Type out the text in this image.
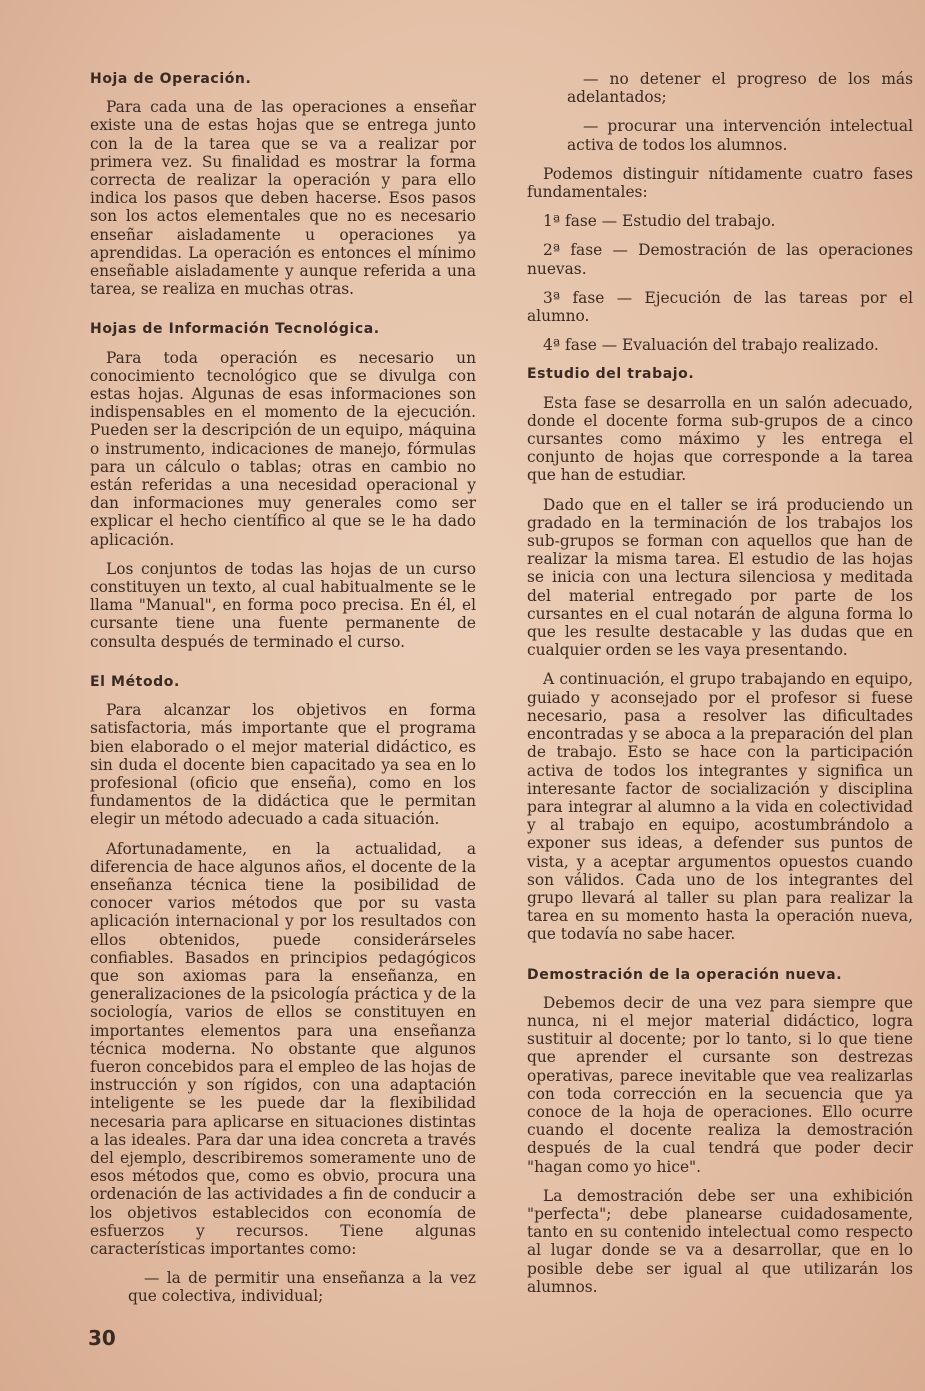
Hoja de Operación.

Para cada una de las operaciones a enseñar existe una de estas hojas que se entrega junto con la de la tarea que se va a realizar por primera vez. Su finalidad es mostrar la forma correcta de realizar la operación y para ello indica los pasos que deben hacerse. Esos pasos son los actos elementales que no es necesario enseñar aisladamente u operaciones ya aprendidas. La operación es entonces el mínimo enseñable aisladamente y aunque referida a una tarea, se realiza en muchas otras.

Hojas de Información Tecnológica.

Para toda operación es necesario un conocimiento tecnológico que se divulga con estas hojas. Algunas de esas informaciones son indispensables en el momento de la ejecución. Pueden ser la descripción de un equipo, máquina o instrumento, indicaciones de manejo, fórmulas para un cálculo o tablas; otras en cambio no están referidas a una necesidad operacional y dan informaciones muy generales como ser explicar el hecho científico al que se le ha dado aplicación.

Los conjuntos de todas las hojas de un curso constituyen un texto, al cual habitualmente se le llama "Manual", en forma poco precisa. En él, el cursante tiene una fuente permanente de consulta después de terminado el curso.

El Método.

Para alcanzar los objetivos en forma satisfactoria, más importante que el programa bien elaborado o el mejor material didáctico, es sin duda el docente bien capacitado ya sea en lo profesional (oficio que enseña), como en los fundamentos de la didáctica que le permitan elegir un método adecuado a cada situación.

Afortunadamente, en la actualidad, a diferencia de hace algunos años, el docente de la enseñanza técnica tiene la posibilidad de conocer varios métodos que por su vasta aplicación internacional y por los resultados con ellos obtenidos, puede considerárseles confiables. Basados en principios pedagógicos que son axiomas para la enseñanza, en generalizaciones de la psicología práctica y de la sociología, varios de ellos se constituyen en importantes elementos para una enseñanza técnica moderna. No obstante que algunos fueron concebidos para el empleo de las hojas de instrucción y son rígidos, con una adaptación inteligente se les puede dar la flexibilidad necesaria para aplicarse en situaciones distintas a las ideales. Para dar una idea concreta a través del ejemplo, describiremos someramente uno de esos métodos que, como es obvio, procura una ordenación de las actividades a fin de conducir a los objetivos establecidos con economía de esfuerzos y recursos. Tiene algunas características importantes como:

— la de permitir una enseñanza a la vez que colectiva, individual;

— no detener el progreso de los más adelantados;

— procurar una intervención intelectual activa de todos los alumnos.

Podemos distinguir nítidamente cuatro fases fundamentales:

1ª fase — Estudio del trabajo.

2ª fase — Demostración de las operaciones nuevas.

3ª fase — Ejecución de las tareas por el alumno.

4ª fase — Evaluación del trabajo realizado.

Estudio del trabajo.

Esta fase se desarrolla en un salón adecuado, donde el docente forma sub-grupos de a cinco cursantes como máximo y les entrega el conjunto de hojas que corresponde a la tarea que han de estudiar.

Dado que en el taller se irá produciendo un gradado en la terminación de los trabajos los sub-grupos se forman con aquellos que han de realizar la misma tarea. El estudio de las hojas se inicia con una lectura silenciosa y meditada del material entregado por parte de los cursantes en el cual notarán de alguna forma lo que les resulte destacable y las dudas que en cualquier orden se les vaya presentando.

A continuación, el grupo trabajando en equipo, guiado y aconsejado por el profesor si fuese necesario, pasa a resolver las dificultades encontradas y se aboca a la preparación del plan de trabajo. Esto se hace con la participación activa de todos los integrantes y significa un interesante factor de socialización y disciplina para integrar al alumno a la vida en colectividad y al trabajo en equipo, acostumbrándolo a exponer sus ideas, a defender sus puntos de vista, y a aceptar argumentos opuestos cuando son válidos. Cada uno de los integrantes del grupo llevará al taller su plan para realizar la tarea en su momento hasta la operación nueva, que todavía no sabe hacer.

Demostración de la operación nueva.

Debemos decir de una vez para siempre que nunca, ni el mejor material didáctico, logra sustituir al docente; por lo tanto, si lo que tiene que aprender el cursante son destrezas operativas, parece inevitable que vea realizarlas con toda corrección en la secuencia que ya conoce de la hoja de operaciones. Ello ocurre cuando el docente realiza la demostración después de la cual tendrá que poder decir "hagan como yo hice".

La demostración debe ser una exhibición "perfecta"; debe planearse cuidadosamente, tanto en su contenido intelectual como respecto al lugar donde se va a desarrollar, que en lo posible debe ser igual al que utilizarán los alumnos.

30
